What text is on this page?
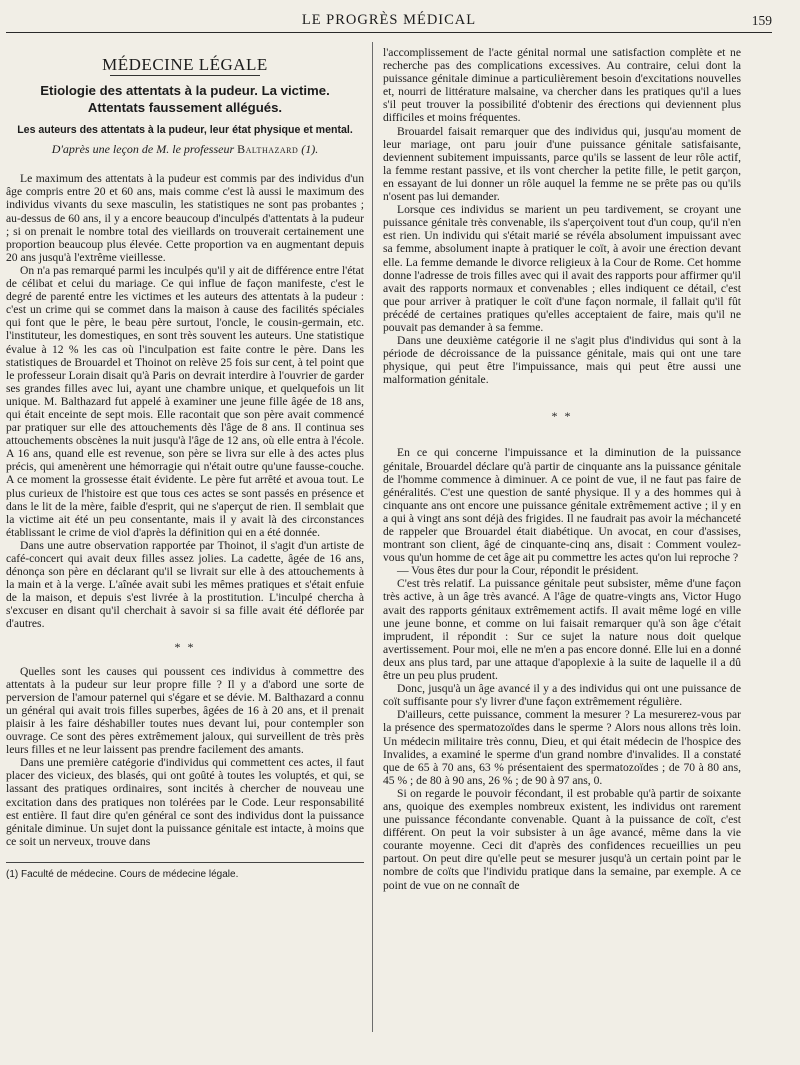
LE PROGRÈS MÉDICAL	159
MÉDECINE LÉGALE
Etiologie des attentats à la pudeur. La victime.
Attentats faussement allégués.
Les auteurs des attentats à la pudeur, leur état physique et mental.
D'après une leçon de M. le professeur Balthazard (1).

Le maximum des attentats à la pudeur est commis par des individus d'un âge compris entre 20 et 60 ans, mais comme c'est là aussi le maximum des individus vivants du sexe masculin, les statistiques ne sont pas probantes ; au-dessus de 60 ans, il y a encore beaucoup d'inculpés d'attentats à la pudeur ; si on prenait le nombre total des vieillards on trouverait certainement une proportion beaucoup plus élevée. Cette proportion va en augmentant depuis 20 ans jusqu'à l'extrême vieillesse.

On n'a pas remarqué parmi les inculpés qu'il y ait de différence entre l'état de célibat et celui du mariage. Ce qui influe de façon manifeste, c'est le degré de parenté entre les victimes et les auteurs des attentats à la pudeur : c'est un crime qui se commet dans la maison à cause des facilités spéciales qui font que le père, le beau père surtout, l'oncle, le cousin-germain, etc. l'instituteur, les domestiques, en sont très souvent les auteurs. Une statistique évalue à 12 % les cas où l'inculpation est faite contre le père. Dans les statistiques de Brouardel et Thoinot on relève 25 fois sur cent, à tel point que le professeur Lorain disait qu'à Paris on devrait interdire à l'ouvrier de garder ses grandes filles avec lui, ayant une chambre unique, et quelquefois un lit unique. M. Balthazard fut appelé à examiner une jeune fille âgée de 18 ans, qui était enceinte de sept mois. Elle racontait que son père avait commencé par pratiquer sur elle des attouchements dès l'âge de 8 ans. Il continua ses attouchements obscènes la nuit jusqu'à l'âge de 12 ans, où elle entra à l'école. A 16 ans, quand elle est revenue, son père se livra sur elle à des actes plus précis, qui amenèrent une hémorragie qui n'était outre qu'une fausse-couche. A ce moment la grossesse était évidente. Le père fut arrêté et avoua tout. Le plus curieux de l'histoire est que tous ces actes se sont passés en présence et dans le lit de la mère, faible d'esprit, qui ne s'aperçut de rien. Il semblait que la victime ait été un peu consentante, mais il y avait là des circonstances établissant le crime de viol d'après la définition qui en a été donnée.

Dans une autre observation rapportée par Thoinot, il s'agit d'un artiste de café-concert qui avait deux filles assez jolies. La cadette, âgée de 16 ans, dénonça son père en déclarant qu'il se livrait sur elle à des attouchements à la main et à la verge. L'aînée avait subi les mêmes pratiques et s'était enfuie de la maison, et depuis s'est livrée à la prostitution. L'inculpé chercha à s'excuser en disant qu'il cherchait à savoir si sa fille avait été déflorée par d'autres.

* *

Quelles sont les causes qui poussent ces individus à commettre des attentats à la pudeur sur leur propre fille ? Il y a d'abord une sorte de perversion de l'amour paternel qui s'égare et se dévie. M. Balthazard a connu un général qui avait trois filles superbes, âgées de 16 à 20 ans, et il prenait plaisir à les faire déshabiller toutes nues devant lui, pour contempler son ouvrage. Ce sont des pères extrêmement jaloux, qui surveillent de très près leurs filles et ne leur laissent pas prendre facilement des amants.

Dans une première catégorie d'individus qui commettent ces actes, il faut placer des vicieux, des blasés, qui ont goûté à toutes les voluptés, et qui, se lassant des pratiques ordinaires, sont incités à chercher de nouveau une excitation dans des pratiques non tolérées par le Code. Leur responsabilité est entière. Il faut dire qu'en général ce sont des individus dont la puissance génitale diminue. Un sujet dont la puissance génitale est intacte, à moins que ce soit un nerveux, trouve dans

(1) Faculté de médecine. Cours de médecine légale.

l'accomplissement de l'acte génital normal une satisfaction complète et ne recherche pas des complications excessives. Au contraire, celui dont la puissance génitale diminue a particulièrement besoin d'excitations nouvelles et, nourri de littérature malsaine, va chercher dans les pratiques qu'il a lues s'il peut trouver la possibilité d'obtenir des érections qui deviennent plus difficiles et moins fréquentes.

Brouardel faisait remarquer que des individus qui, jusqu'au moment de leur mariage, ont paru jouir d'une puissance génitale satisfaisante, deviennent subitement impuissants, parce qu'ils se lassent de leur rôle actif, la femme restant passive, et ils vont chercher la petite fille, le petit garçon, en essayant de lui donner un rôle auquel la femme ne se prête pas ou qu'ils n'osent pas lui demander.

Lorsque ces individus se marient un peu tardivement, se croyant une puissance génitale très convenable, ils s'aperçoivent tout d'un coup, qu'il n'en est rien. Un individu qui s'était marié se révéla absolument impuissant avec sa femme, absolument inapte à pratiquer le coït, à avoir une érection devant elle. La femme demande le divorce religieux à la Cour de Rome. Cet homme donne l'adresse de trois filles avec qui il avait des rapports pour affirmer qu'il avait des rapports normaux et convenables ; elles indiquent ce détail, c'est que pour arriver à pratiquer le coït d'une façon normale, il fallait qu'il fût précédé de certaines pratiques qu'elles acceptaient de faire, mais qu'il ne pouvait pas demander à sa femme.

Dans une deuxième catégorie il ne s'agit plus d'individus qui sont à la période de décroissance de la puissance génitale, mais qui ont une tare physique, qui peut être l'impuissance, mais qui peut être aussi une malformation génitale.

* *

En ce qui concerne l'impuissance et la diminution de la puissance génitale, Brouardel déclare qu'à partir de cinquante ans la puissance génitale de l'homme commence à diminuer. A ce point de vue, il ne faut pas faire de généralités. C'est une question de santé physique. Il y a des hommes qui à cinquante ans ont encore une puissance génitale extrêmement active ; il y en a qui à vingt ans sont déjà des frigides. Il ne faudrait pas avoir la méchanceté de rappeler que Brouardel était diabétique. Un avocat, en cour d'assises, montrant son client, âgé de cinquante-cinq ans, disait : Comment voulez-vous qu'un homme de cet âge ait pu commettre les actes qu'on lui reproche ?

— Vous êtes dur pour la Cour, répondit le président.

C'est très relatif. La puissance génitale peut subsister, même d'une façon très active, à un âge très avancé. A l'âge de quatre-vingts ans, Victor Hugo avait des rapports génitaux extrêmement actifs. Il avait même logé en ville une jeune bonne, et comme on lui faisait remarquer qu'à son âge c'était imprudent, il répondit : Sur ce sujet la nature nous doit quelque avertissement. Pour moi, elle ne m'en a pas encore donné. Elle lui en a donné deux ans plus tard, par une attaque d'apoplexie à la suite de laquelle il a dû être un peu plus prudent.

Donc, jusqu'à un âge avancé il y a des individus qui ont une puissance de coït suffisante pour s'y livrer d'une façon extrêmement régulière.

D'ailleurs, cette puissance, comment la mesurer ? La mesurerez-vous par la présence des spermatozoïdes dans le sperme ? Alors nous allons très loin. Un médecin militaire très connu, Dieu, et qui était médecin de l'hospice des Invalides, a examiné le sperme d'un grand nombre d'invalides. Il a constaté que de 65 à 70 ans, 63 % présentaient des spermatozoïdes ; de 70 à 80 ans, 45 % ; de 80 à 90 ans, 26 % ; de 90 à 97 ans, 0.

Si on regarde le pouvoir fécondant, il est probable qu'à partir de soixante ans, quoique des exemples nombreux existent, les individus ont rarement une puissance fécondante convenable. Quant à la puissance de coït, c'est différent. On peut la voir subsister à un âge avancé, même dans la vie courante moyenne. Ceci dit d'après des confidences recueillies un peu partout. On peut dire qu'elle peut se mesurer jusqu'à un certain point par le nombre de coïts que l'individu pratique dans la semaine, par exemple. A ce point de vue on ne connaît de
